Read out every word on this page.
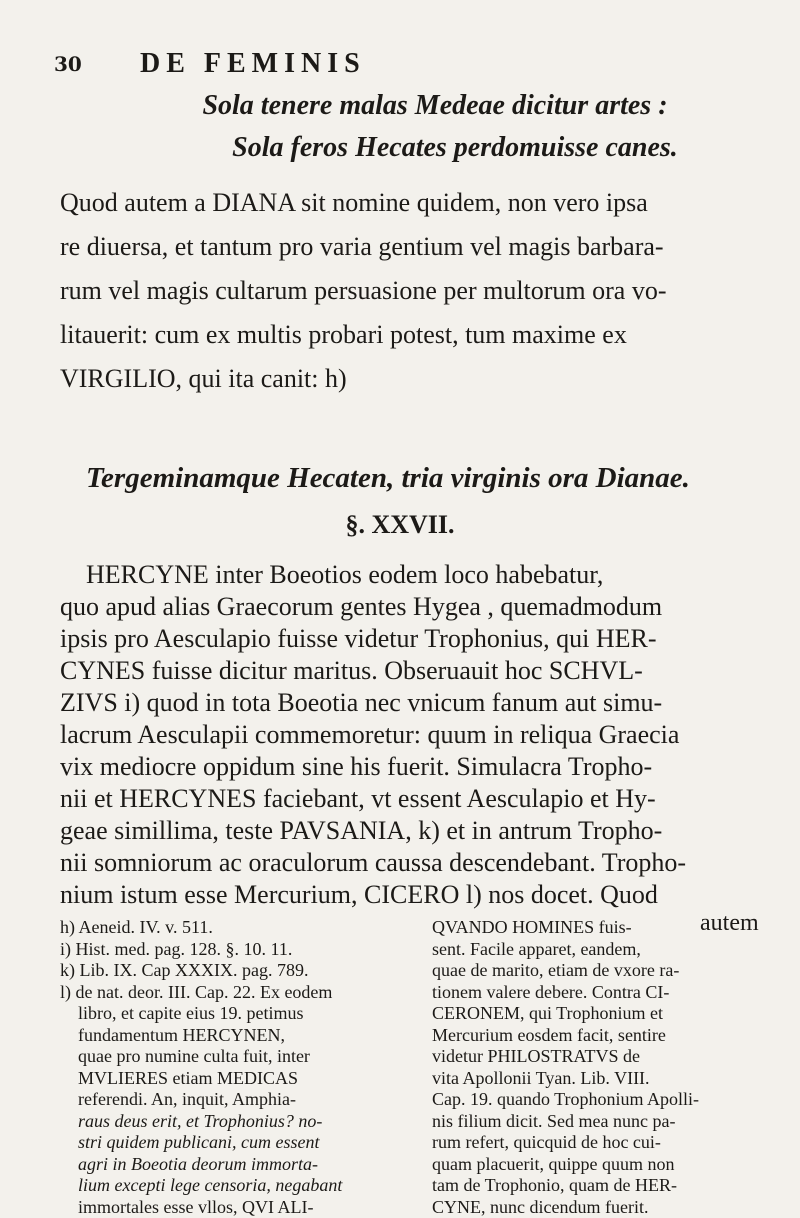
30 DE FEMINIS
Sola tenere malas Medeae dicitur artes :
Sola feros Hecates perdomuisse canes.
Quod autem a DIANA sit nomine quidem, non vero ipsa
re diuersa, et tantum pro varia gentium vel magis barbara-
rum vel magis cultarum persuasione per multorum ora vo-
litauerit: cum ex multis probari potest, tum maxime ex
VIRGILIO, qui ita canit: h)
Tergeminamque Hecaten, tria virginis ora Dianae.
§. XXVII.
HERCYNE inter Boeotios eodem loco habebatur,
quo apud alias Graecorum gentes Hygea , quemadmodum
ipsis pro Aesculapio fuisse videtur Trophonius, qui HER-
CYNES fuisse dicitur maritus. Obseruauit hoc SCHVL-
ZIVS i) quod in tota Boeotia nec vnicum fanum aut simu-
lacrum Aesculapii commemoretur: quum in reliqua Graecia
vix mediocre oppidum sine his fuerit. Simulacra Tropho-
nii et HERCYNES faciebant, vt essent Aesculapio et Hy-
geae simillima, teste PAVSANIA, k) et in antrum Tropho-
nii somniorum ac oraculorum caussa descendebant. Tropho-
nium istum esse Mercurium, CICERO l) nos docet. Quod
autem
h) Aeneid. IV. v. 511.
i) Hist. med. pag. 128. §. 10. 11.
k) Lib. IX. Cap XXXIX. pag. 789.
l) de nat. deor. III. Cap. 22. Ex eodem
libro, et capite eius 19. petimus
fundamentum HERCYNEN,
quae pro numine culta fuit, inter
MVLIERES etiam MEDICAS
referendi. An, inquit, Amphia-
raus deus erit, et Trophonius? no-
stri quidem publicani, cum essent
agri in Boeotia deorum immorta-
lium excepti lege censoria, negabant
immortales esse vllos, QVI ALI-
QVANDO HOMINES fuis-
sent. Facile apparet, eandem,
quae de marito, etiam de vxore ra-
tionem valere debere. Contra CI-
CERONEM, qui Trophonium et
Mercurium eosdem facit, sentire
videtur PHILOSTRATVS de
vita Apollonii Tyan. Lib. VIII.
Cap. 19. quando Trophonium Apolli-
nis filium dicit. Sed mea nunc pa-
rum refert, quicquid de hoc cui-
quam placuerit, quippe quum non
tam de Trophonio, quam de HER-
CYNE, nunc dicendum fuerit.
